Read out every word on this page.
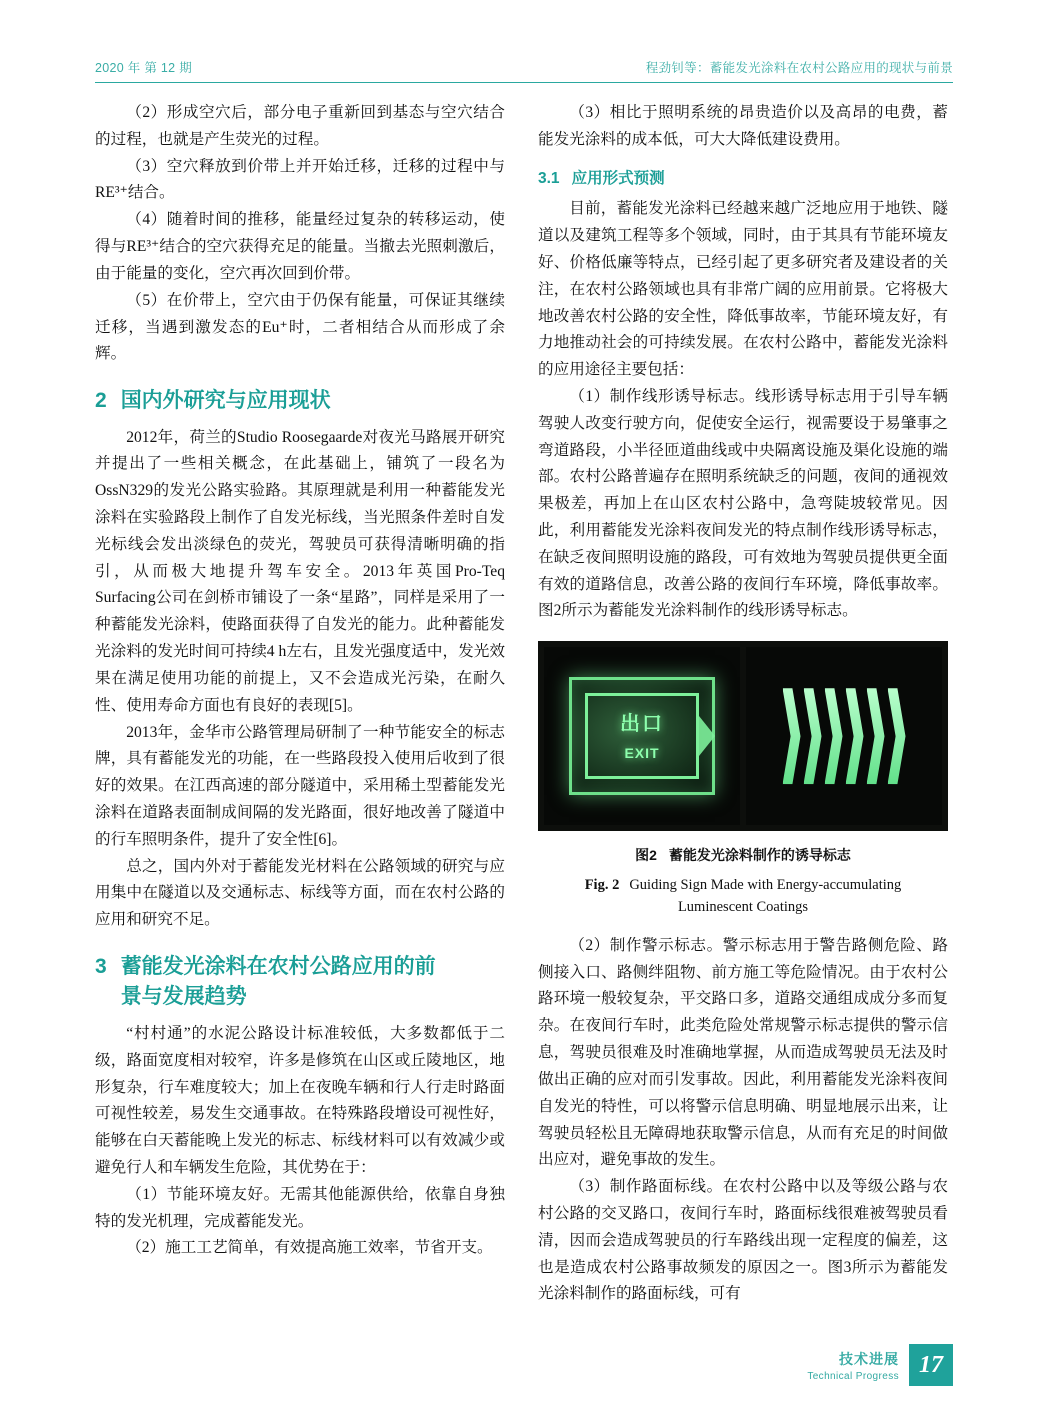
2020 年 第 12 期	程劲钊等：蓄能发光涂料在农村公路应用的现状与前景

（2）形成空穴后，部分电子重新回到基态与空穴结合的过程，也就是产生荧光的过程。

（3）空穴释放到价带上并开始迁移，迁移的过程中与RE³⁺结合。

（4）随着时间的推移，能量经过复杂的转移运动，使得与RE³⁺结合的空穴获得充足的能量。当撤去光照刺激后，由于能量的变化，空穴再次回到价带。

（5）在价带上，空穴由于仍保有能量，可保证其继续迁移，当遇到激发态的Eu⁺时，二者相结合从而形成了余辉。

2 国内外研究与应用现状

2012年，荷兰的Studio Roosegaarde对夜光马路展开研究并提出了一些相关概念，在此基础上，铺筑了一段名为OssN329的发光公路实验路。其原理就是利用一种蓄能发光涂料在实验路段上制作了自发光标线，当光照条件差时自发光标线会发出淡绿色的荧光，驾驶员可获得清晰明确的指引，从而极大地提升驾车安全。2013年英国Pro-Teq Surfacing公司在剑桥市铺设了一条“星路”，同样是采用了一种蓄能发光涂料，使路面获得了自发光的能力。此种蓄能发光涂料的发光时间可持续4 h左右，且发光强度适中，发光效果在满足使用功能的前提上，又不会造成光污染，在耐久性、使用寿命方面也有良好的表现[5]。

2013年，金华市公路管理局研制了一种节能安全的标志牌，具有蓄能发光的功能，在一些路段投入使用后收到了很好的效果。在江西高速的部分隧道中，采用稀土型蓄能发光涂料在道路表面制成间隔的发光路面，很好地改善了隧道中的行车照明条件，提升了安全性[6]。

总之，国内外对于蓄能发光材料在公路领域的研究与应用集中在隧道以及交通标志、标线等方面，而在农村公路的应用和研究不足。

3 蓄能发光涂料在农村公路应用的前
景与发展趋势

“村村通”的水泥公路设计标准较低，大多数都低于二级，路面宽度相对较窄，许多是修筑在山区或丘陵地区，地形复杂，行车难度较大；加上在夜晚车辆和行人行走时路面可视性较差，易发生交通事故。在特殊路段增设可视性好，能够在白天蓄能晚上发光的标志、标线材料可以有效减少或避免行人和车辆发生危险，其优势在于：

（1）节能环境友好。无需其他能源供给，依靠自身独特的发光机理，完成蓄能发光。

（2）施工工艺简单，有效提高施工效率，节省开支。

（3）相比于照明系统的昂贵造价以及高昂的电费，蓄能发光涂料的成本低，可大大降低建设费用。

3.1 应用形式预测

目前，蓄能发光涂料已经越来越广泛地应用于地铁、隧道以及建筑工程等多个领域，同时，由于其具有节能环境友好、价格低廉等特点，已经引起了更多研究者及建设者的关注，在农村公路领域也具有非常广阔的应用前景。它将极大地改善农村公路的安全性，降低事故率，节能环境友好，有力地推动社会的可持续发展。在农村公路中，蓄能发光涂料的应用途径主要包括：

（1）制作线形诱导标志。线形诱导标志用于引导车辆驾驶人改变行驶方向，促使安全运行，视需要设于易肇事之弯道路段，小半径匝道曲线或中央隔离设施及渠化设施的端部。农村公路普遍存在照明系统缺乏的问题，夜间的通视效果极差，再加上在山区农村公路中，急弯陡坡较常见。因此，利用蓄能发光涂料夜间发光的特点制作线形诱导标志，在缺乏夜间照明设施的路段，可有效地为驾驶员提供更全面有效的道路信息，改善公路的夜间行车环境，降低事故率。图2所示为蓄能发光涂料制作的线形诱导标志。

出口
EXIT
图2 蓄能发光涂料制作的诱导标志
Fig. 2 Guiding Sign Made with Energy-accumulating
Luminescent Coatings

（2）制作警示标志。警示标志用于警告路侧危险、路侧接入口、路侧绊阻物、前方施工等危险情况。由于农村公路环境一般较复杂，平交路口多，道路交通组成成分多而复杂。在夜间行车时，此类危险处常规警示标志提供的警示信息，驾驶员很难及时准确地掌握，从而造成驾驶员无法及时做出正确的应对而引发事故。因此，利用蓄能发光涂料夜间自发光的特性，可以将警示信息明确、明显地展示出来，让驾驶员轻松且无障碍地获取警示信息，从而有充足的时间做出应对，避免事故的发生。

（3）制作路面标线。在农村公路中以及等级公路与农村公路的交叉路口，夜间行车时，路面标线很难被驾驶员看清，因而会造成驾驶员的行车路线出现一定程度的偏差，这也是造成农村公路事故频发的原因之一。图3所示为蓄能发光涂料制作的路面标线，可有

技术进展
Technical Progress 17
